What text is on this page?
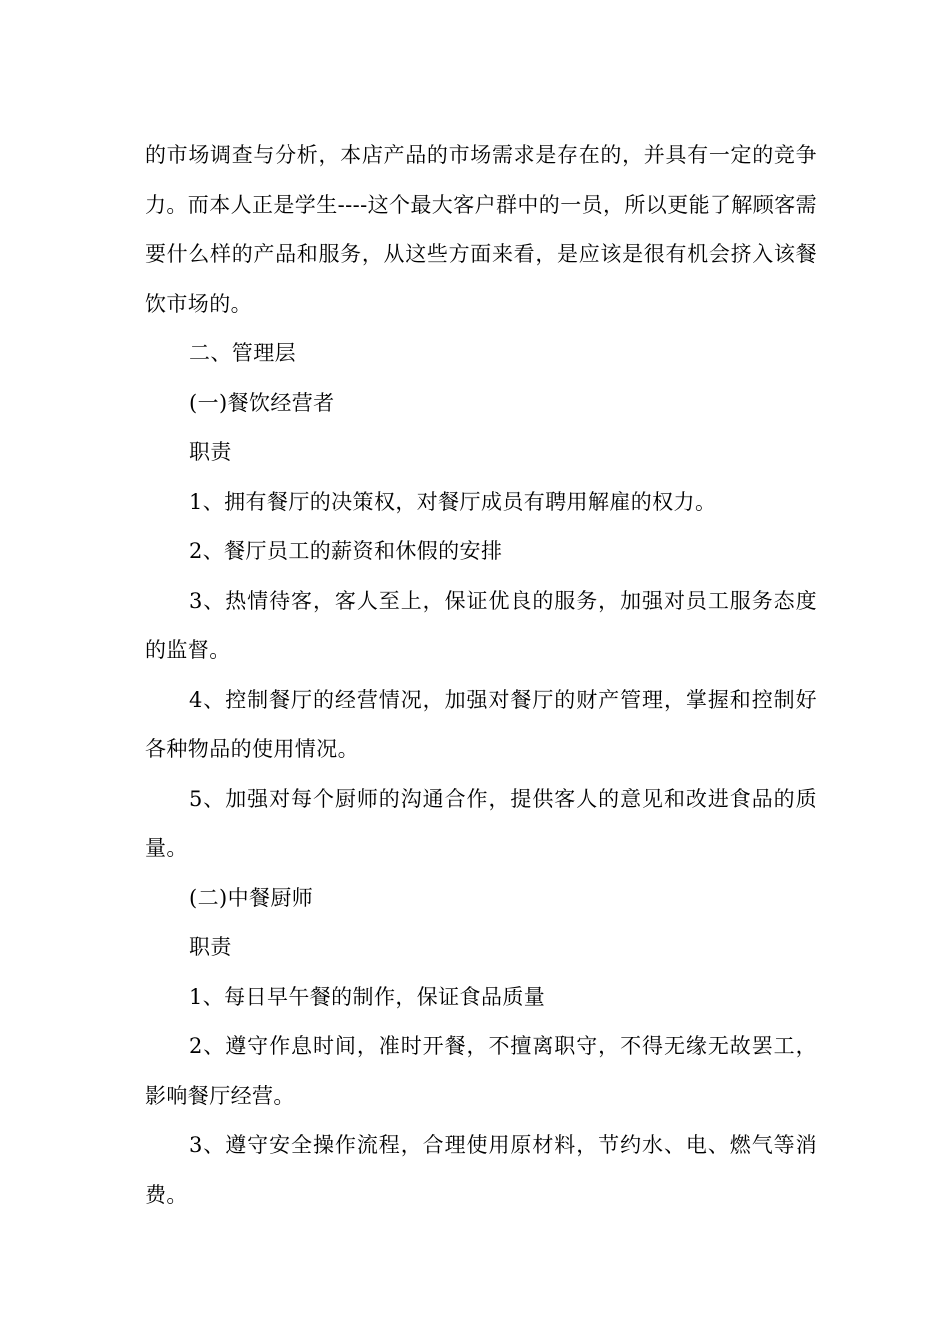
的市场调查与分析，本店产品的市场需求是存在的，并具有一定的竞争力。而本人正是学生----这个最大客户群中的一员，所以更能了解顾客需要什么样的产品和服务，从这些方面来看，是应该是很有机会挤入该餐饮市场的。

二、管理层

(一)餐饮经营者

职责

1、拥有餐厅的决策权，对餐厅成员有聘用解雇的权力。

2、餐厅员工的薪资和休假的安排

3、热情待客，客人至上，保证优良的服务，加强对员工服务态度的监督。

4、控制餐厅的经营情况，加强对餐厅的财产管理，掌握和控制好各种物品的使用情况。

5、加强对每个厨师的沟通合作，提供客人的意见和改进食品的质量。

(二)中餐厨师

职责

1、每日早午餐的制作，保证食品质量

2、遵守作息时间，准时开餐，不擅离职守，不得无缘无故罢工，影响餐厅经营。

3、遵守安全操作流程，合理使用原材料，节约水、电、燃气等消费。
